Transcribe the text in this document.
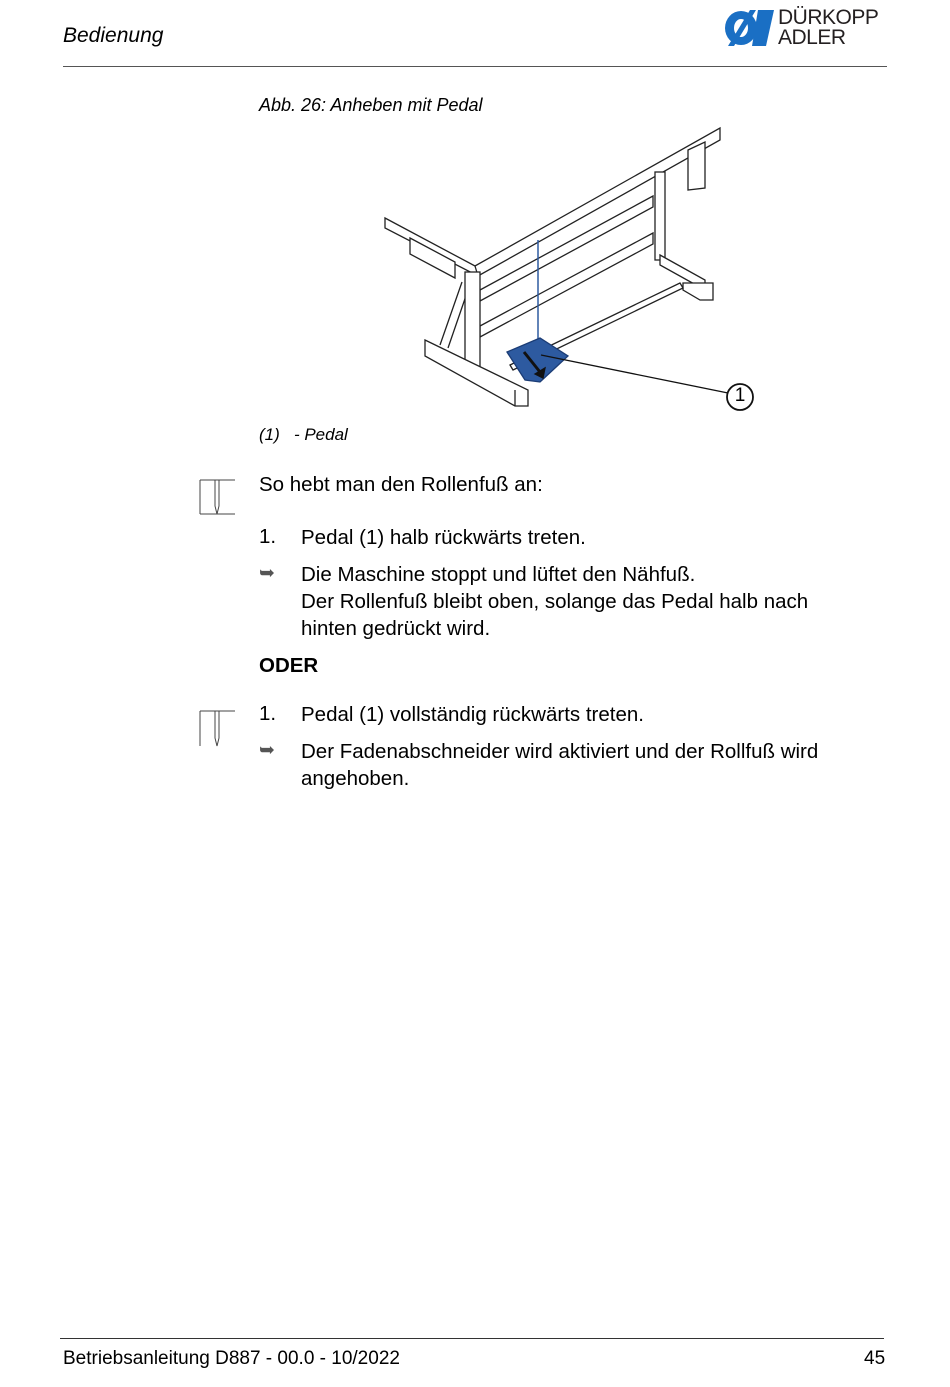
Bedienung
DÜRKOPP
ADLER
Abb. 26: Anheben mit Pedal
1
(1) - Pedal
So hebt man den Rollenfuß an:
1. Pedal (1) halb rückwärts treten.
➥ Die Maschine stoppt und lüftet den Nähfuß.
Der Rollenfuß bleibt oben, solange das Pedal halb nach
hinten gedrückt wird.
ODER
1. Pedal (1) vollständig rückwärts treten.
➥ Der Fadenabschneider wird aktiviert und der Rollfuß wird
angehoben.
Betriebsanleitung D887 - 00.0 - 10/2022	45
